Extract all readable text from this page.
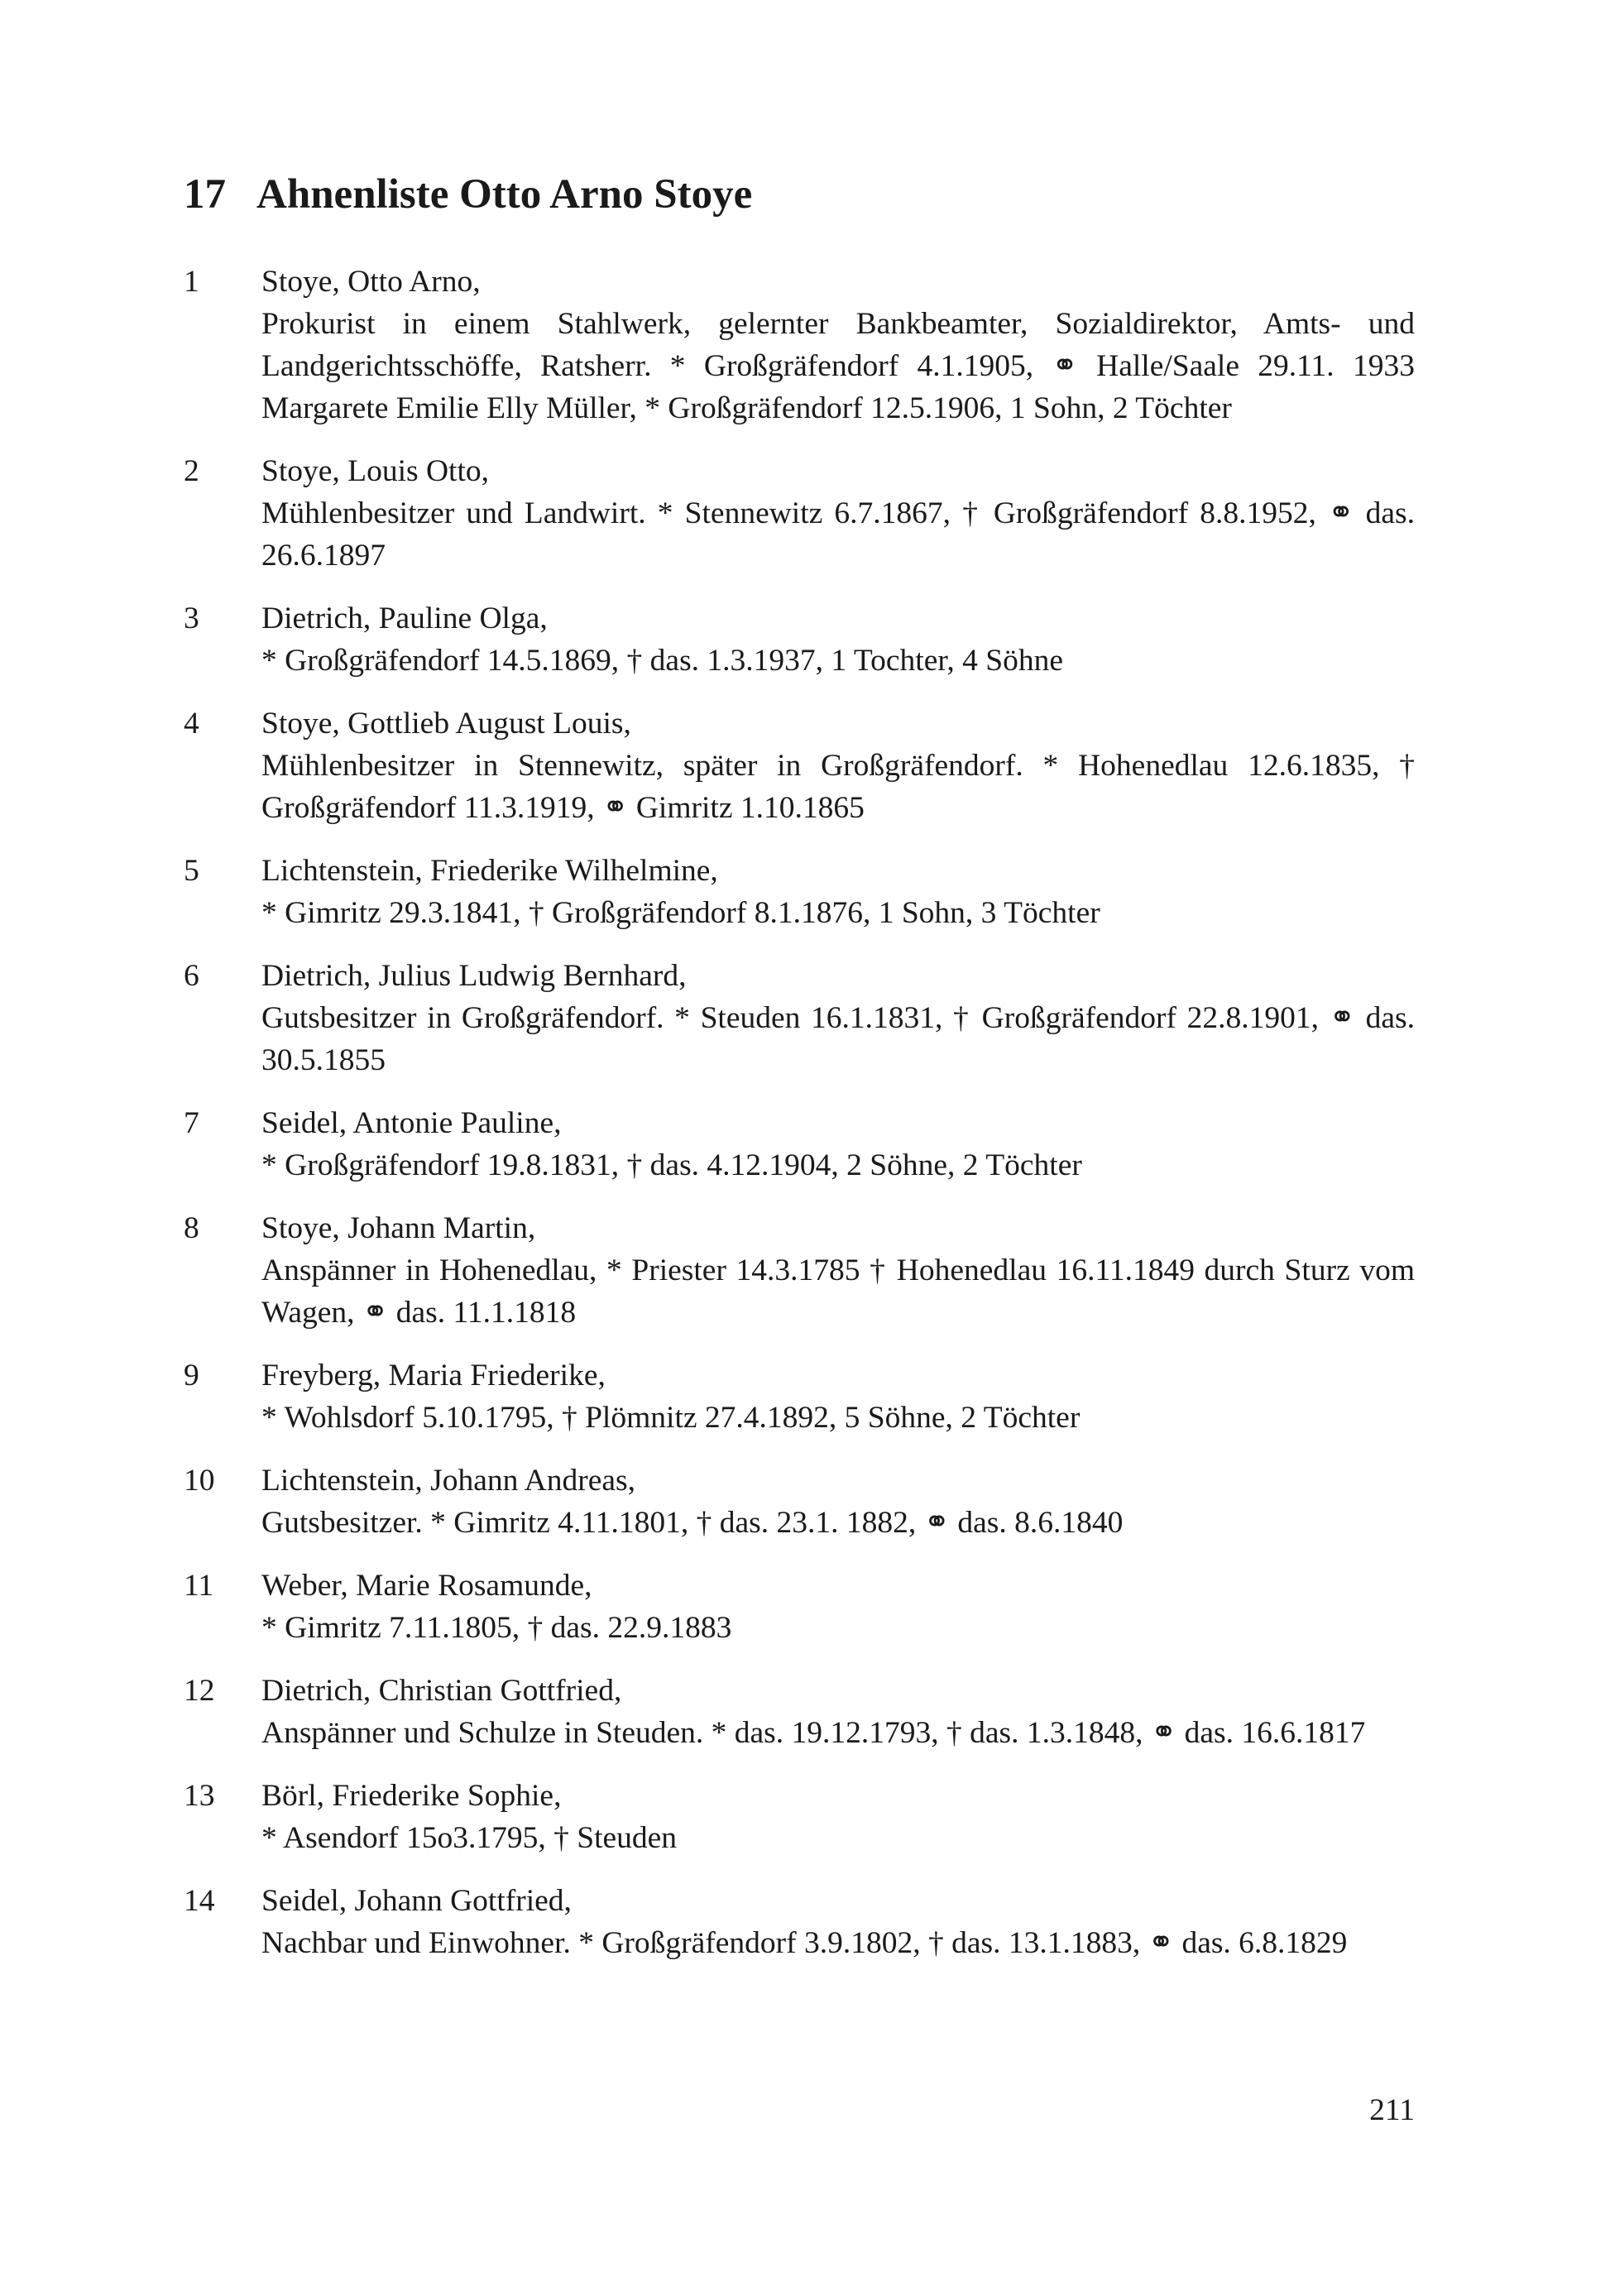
17 Ahnenliste Otto Arno Stoye
1	Stoye, Otto Arno,
Prokurist in einem Stahlwerk, gelernter Bankbeamter, Sozialdirektor, Amts- und Landgerichtsschöffe, Ratsherr. * Großgräfendorf 4.1.1905, ⚭ Halle/Saale 29.11. 1933 Margarete Emilie Elly Müller, * Großgräfendorf 12.5.1906, 1 Sohn, 2 Töchter
2	Stoye, Louis Otto,
Mühlenbesitzer und Landwirt. * Stennewitz 6.7.1867, † Großgräfendorf 8.8.1952, ⚭ das. 26.6.1897
3	Dietrich, Pauline Olga,
* Großgräfendorf 14.5.1869, † das. 1.3.1937, 1 Tochter, 4 Söhne
4	Stoye, Gottlieb August Louis,
Mühlenbesitzer in Stennewitz, später in Großgräfendorf. * Hohenedlau 12.6.1835, † Großgräfendorf 11.3.1919, ⚭ Gimritz 1.10.1865
5	Lichtenstein, Friederike Wilhelmine,
* Gimritz 29.3.1841, † Großgräfendorf 8.1.1876, 1 Sohn, 3 Töchter
6	Dietrich, Julius Ludwig Bernhard,
Gutsbesitzer in Großgräfendorf. * Steuden 16.1.1831, † Großgräfendorf 22.8.1901, ⚭ das. 30.5.1855
7	Seidel, Antonie Pauline,
* Großgräfendorf 19.8.1831, † das. 4.12.1904, 2 Söhne, 2 Töchter
8	Stoye, Johann Martin,
Anspänner in Hohenedlau, * Priester 14.3.1785 † Hohenedlau 16.11.1849 durch Sturz vom Wagen, ⚭ das. 11.1.1818
9	Freyberg, Maria Friederike,
* Wohlsdorf 5.10.1795, † Plömnitz 27.4.1892, 5 Söhne, 2 Töchter
10	Lichtenstein, Johann Andreas,
Gutsbesitzer. * Gimritz 4.11.1801, † das. 23.1. 1882, ⚭ das. 8.6.1840
11	Weber, Marie Rosamunde,
* Gimritz 7.11.1805, † das. 22.9.1883
12	Dietrich, Christian Gottfried,
Anspänner und Schulze in Steuden. * das. 19.12.1793, † das. 1.3.1848, ⚭ das. 16.6.1817
13	Börl, Friederike Sophie,
* Asendorf 15o3.1795, † Steuden
14	Seidel, Johann Gottfried,
Nachbar und Einwohner. * Großgräfendorf 3.9.1802, † das. 13.1.1883, ⚭ das. 6.8.1829
211
